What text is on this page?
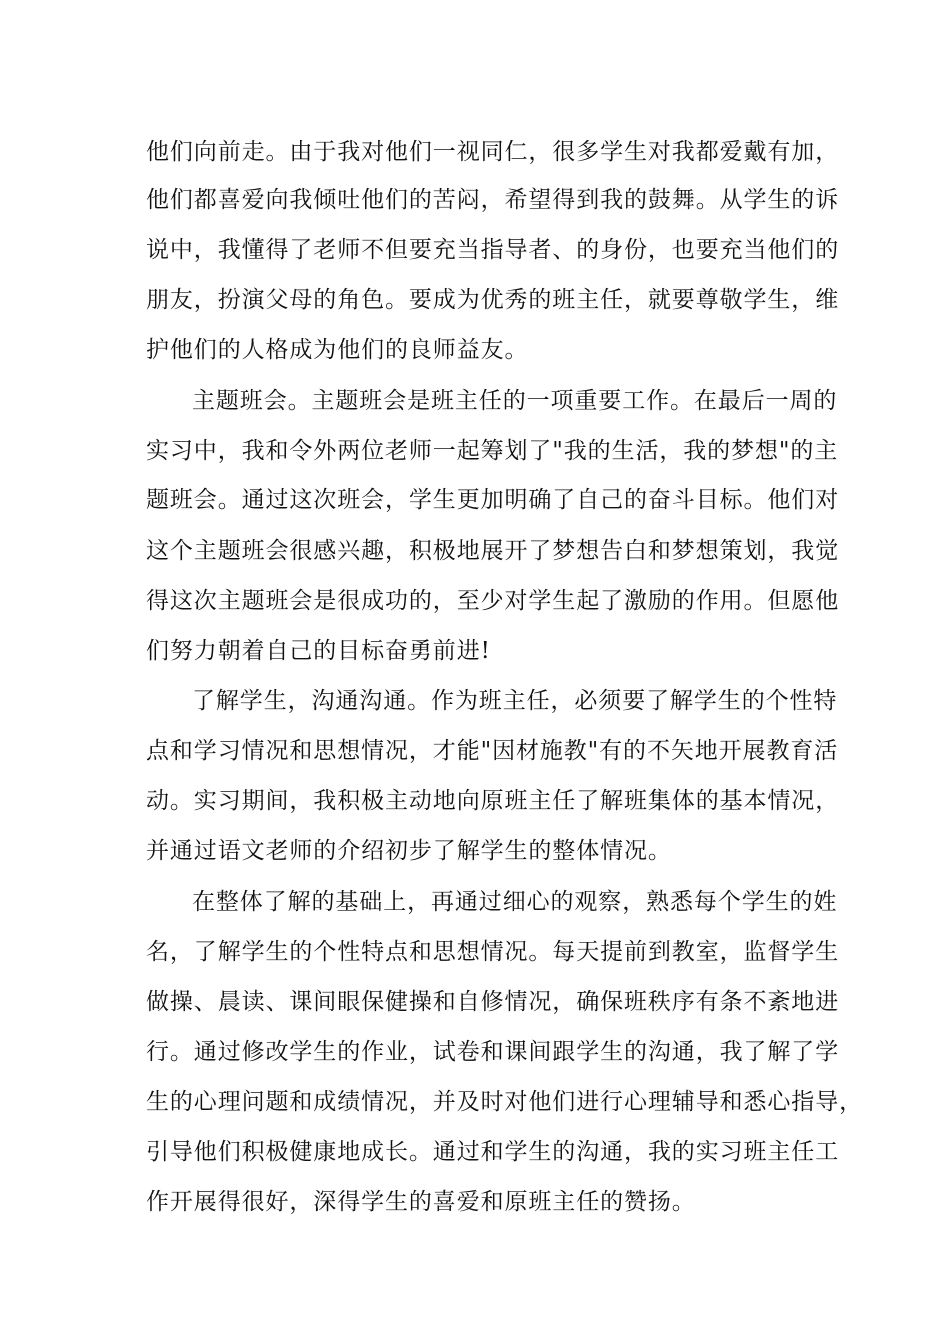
他们向前走。由于我对他们一视同仁，很多学生对我都爱戴有加，
他们都喜爱向我倾吐他们的苦闷，希望得到我的鼓舞。从学生的诉
说中，我懂得了老师不但要充当指导者、的身份，也要充当他们的
朋友，扮演父母的角色。要成为优秀的班主任，就要尊敬学生，维
护他们的人格成为他们的良师益友。
主题班会。主题班会是班主任的一项重要工作。在最后一周的
实习中，我和令外两位老师一起筹划了"我的生活，我的梦想"的主
题班会。通过这次班会，学生更加明确了自己的奋斗目标。他们对
这个主题班会很感兴趣，积极地展开了梦想告白和梦想策划，我觉
得这次主题班会是很成功的，至少对学生起了激励的作用。但愿他
们努力朝着自己的目标奋勇前进!
了解学生，沟通沟通。作为班主任，必须要了解学生的个性特
点和学习情况和思想情况，才能"因材施教"有的不矢地开展教育活
动。实习期间，我积极主动地向原班主任了解班集体的基本情况，
并通过语文老师的介绍初步了解学生的整体情况。
在整体了解的基础上，再通过细心的观察，熟悉每个学生的姓
名，了解学生的个性特点和思想情况。每天提前到教室，监督学生
做操、晨读、课间眼保健操和自修情况，确保班秩序有条不紊地进
行。通过修改学生的作业，试卷和课间跟学生的沟通，我了解了学
生的心理问题和成绩情况，并及时对他们进行心理辅导和悉心指导，
引导他们积极健康地成长。通过和学生的沟通，我的实习班主任工
作开展得很好，深得学生的喜爱和原班主任的赞扬。
